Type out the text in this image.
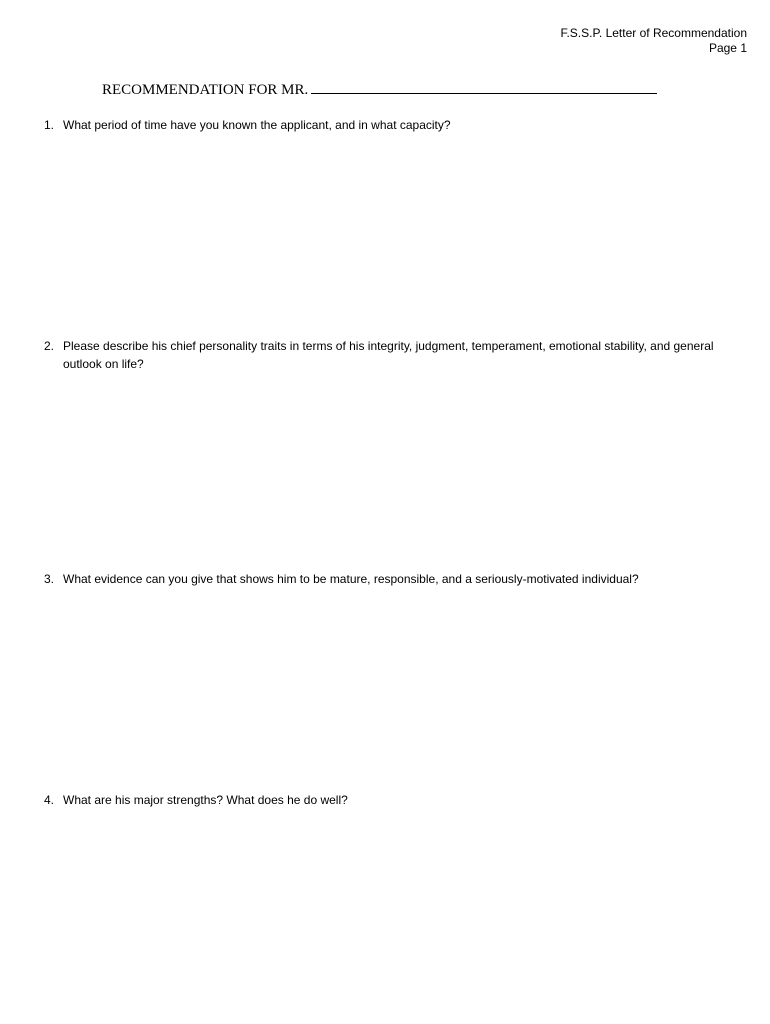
F.S.S.P. Letter of Recommendation
Page 1
RECOMMENDATION FOR MR.
1. What period of time have you known the applicant, and in what capacity?
2. Please describe his chief personality traits in terms of his integrity, judgment, temperament, emotional stability, and general outlook on life?
3. What evidence can you give that shows him to be mature, responsible, and a seriously-motivated individual?
4. What are his major strengths? What does he do well?
